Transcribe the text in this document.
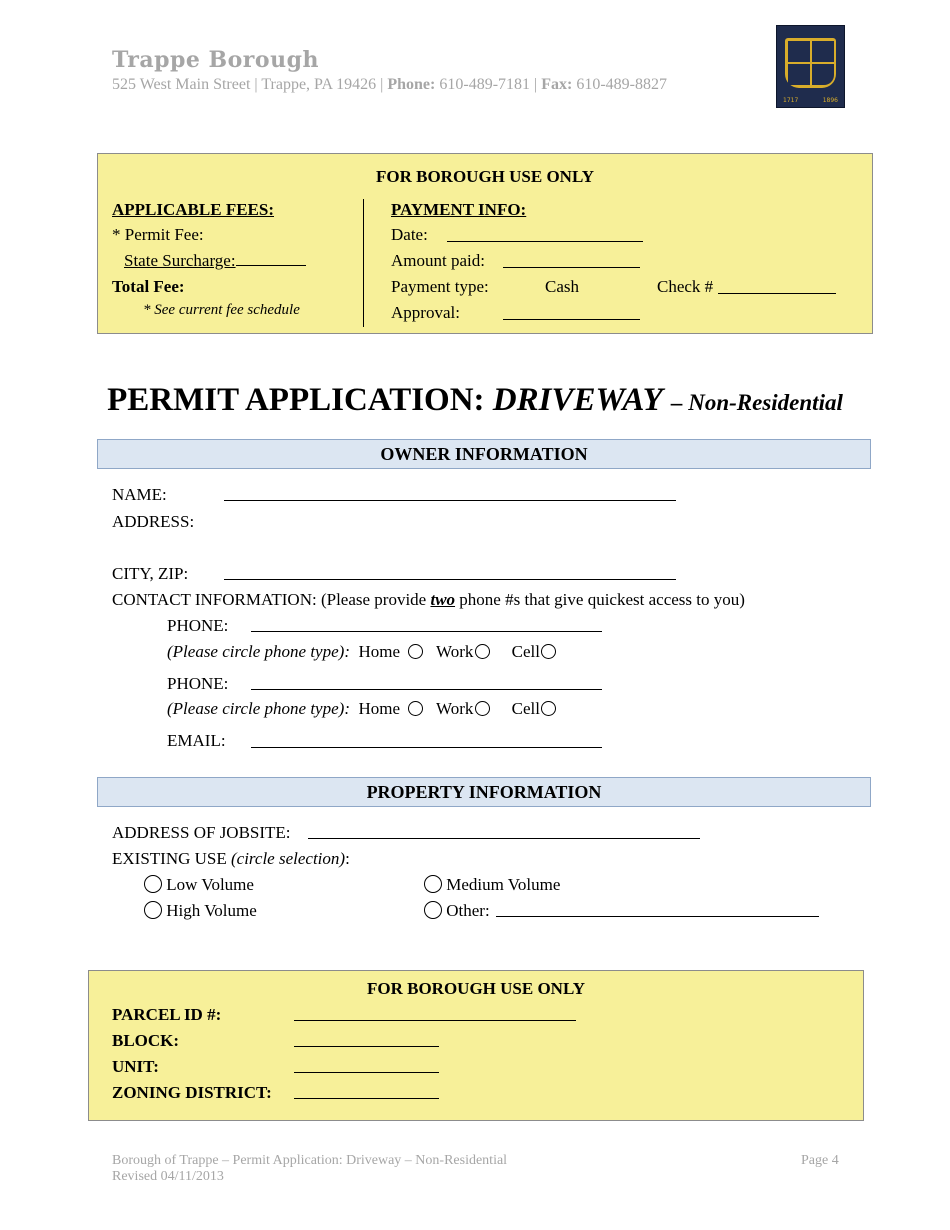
Trappe Borough
525 West Main Street | Trappe, PA 19426 | Phone: 610-489-7181 | Fax: 610-489-8827
1717	1896
FOR BOROUGH USE ONLY
APPLICABLE FEES:
* Permit Fee:
State Surcharge:
Total Fee:
* See current fee schedule
PAYMENT INFO:
Date:
Amount paid:
Payment type:	Cash	Check #
Approval:
PERMIT APPLICATION: DRIVEWAY – Non-Residential
OWNER INFORMATION
NAME:
ADDRESS:
CITY, ZIP:
CONTACT INFORMATION: (Please provide two phone #s that give quickest access to you)
PHONE:
(Please circle phone type): Home Work Cell
PHONE:
(Please circle phone type): Home Work Cell
EMAIL:
PROPERTY INFORMATION
ADDRESS OF JOBSITE:
EXISTING USE (circle selection):
Low Volume	Medium Volume
High Volume	Other:
FOR BOROUGH USE ONLY
PARCEL ID #:
BLOCK:
UNIT:
ZONING DISTRICT:
Borough of Trappe – Permit Application: Driveway – Non-Residential
Revised 04/11/2013
Page 4
